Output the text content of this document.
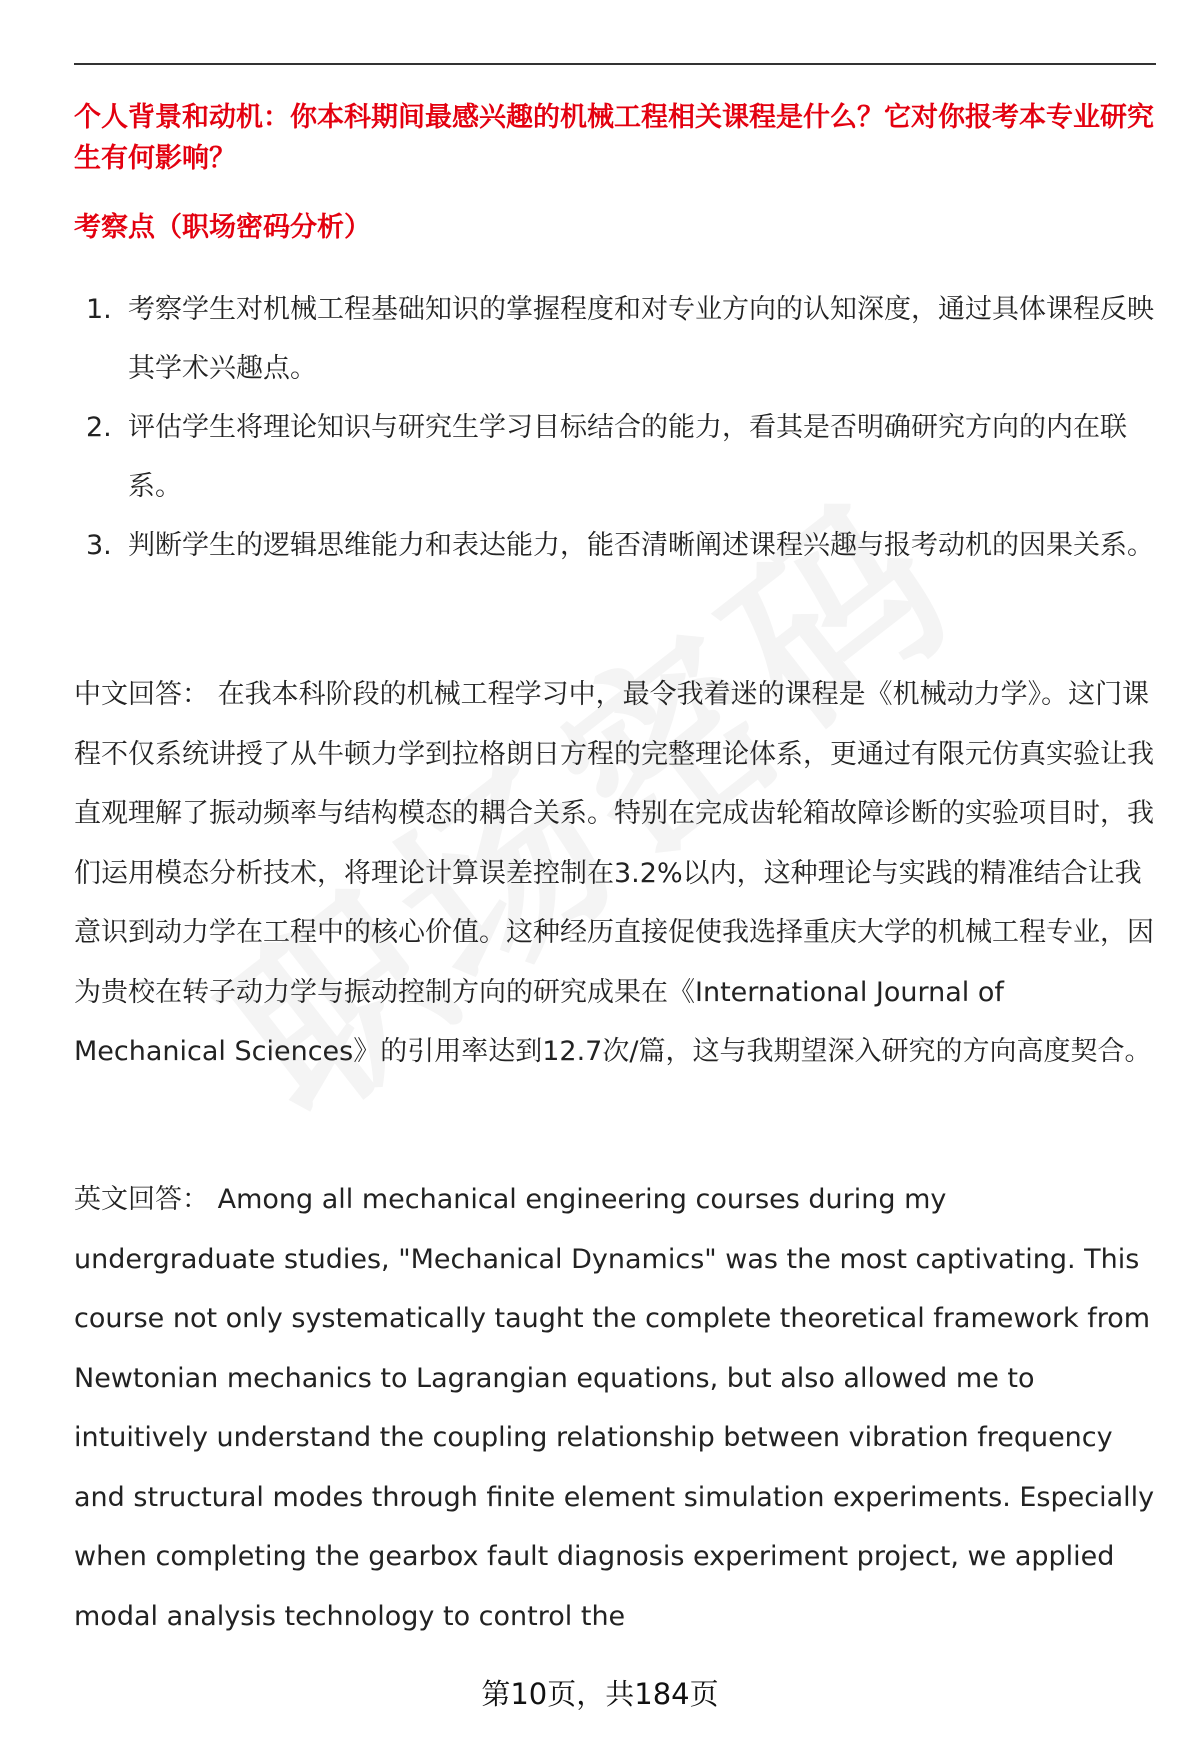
个人背景和动机：你本科期间最感兴趣的机械工程相关课程是什么？它对你报考本专业研究生有何影响？
考察点（职场密码分析）
1. 考察学生对机械工程基础知识的掌握程度和对专业方向的认知深度，通过具体课程反映其学术兴趣点。
2. 评估学生将理论知识与研究生学习目标结合的能力，看其是否明确研究方向的内在联系。
3. 判断学生的逻辑思维能力和表达能力，能否清晰阐述课程兴趣与报考动机的因果关系。

中文回答： 在我本科阶段的机械工程学习中，最令我着迷的课程是《机械动力学》。这门课程不仅系统讲授了从牛顿力学到拉格朗日方程的完整理论体系，更通过有限元仿真实验让我直观理解了振动频率与结构模态的耦合关系。特别在完成齿轮箱故障诊断的实验项目时，我们运用模态分析技术，将理论计算误差控制在3.2%以内，这种理论与实践的精准结合让我意识到动力学在工程中的核心价值。这种经历直接促使我选择重庆大学的机械工程专业，因为贵校在转子动力学与振动控制方向的研究成果在《International Journal of Mechanical Sciences》的引用率达到12.7次/篇，这与我期望深入研究的方向高度契合。

英文回答： Among all mechanical engineering courses during my undergraduate studies, "Mechanical Dynamics" was the most captivating. This course not only systematically taught the complete theoretical framework from Newtonian mechanics to Lagrangian equations, but also allowed me to intuitively understand the coupling relationship between vibration frequency and structural modes through finite element simulation experiments. Especially when completing the gearbox fault diagnosis experiment project, we applied modal analysis technology to control the

第10页，共184页
